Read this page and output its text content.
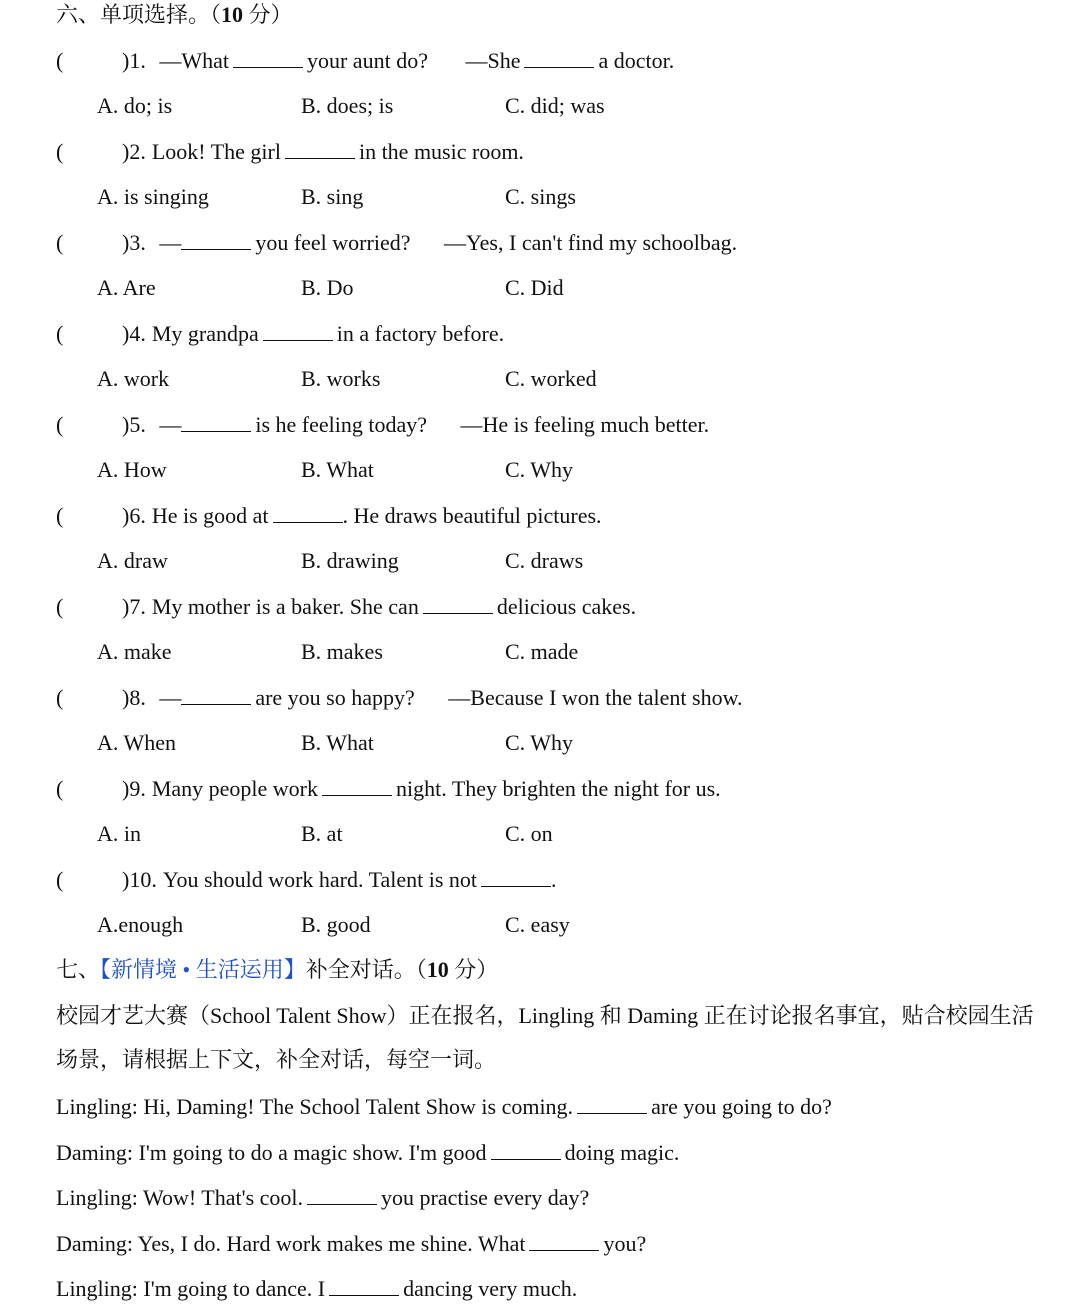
六、单项选择。（10 分）
(	)1. —What	your aunt do? —She	a doctor.
A. do; is	B. does; is	C. did; was
(	)2. Look! The girl	in the music room.
A. is singing	B. sing	C. sings
(	)3. —	you feel worried? —Yes, I can't find my schoolbag.
A. Are	B. Do	C. Did
(	)4. My grandpa	in a factory before.
A. work	B. works	C. worked
(	)5. —	is he feeling today? —He is feeling much better.
A. How	B. What	C. Why
(	)6. He is good at	. He draws beautiful pictures.
A. draw	B. drawing	C. draws
(	)7. My mother is a baker. She can	delicious cakes.
A. make	B. makes	C. made
(	)8. —	are you so happy? —Because I won the talent show.
A. When	B. What	C. Why
(	)9. Many people work	night. They brighten the night for us.
A. in	B. at	C. on
(	)10. You should work hard. Talent is not	.
A.enough	B. good	C. easy
七、【新情境 • 生活运用】补全对话。（10 分）
校园才艺大赛（School Talent Show）正在报名，Lingling 和 Daming 正在讨论报名事宜，贴合校园生活场景，请根据上下文，补全对话，每空一词。
Lingling: Hi, Daming! The School Talent Show is coming.	are you going to do?
Daming: I'm going to do a magic show. I'm good	doing magic.
Lingling: Wow! That's cool.	you practise every day?
Daming: Yes, I do. Hard work makes me shine. What	you?
Lingling: I'm going to dance. I	dancing very much.
